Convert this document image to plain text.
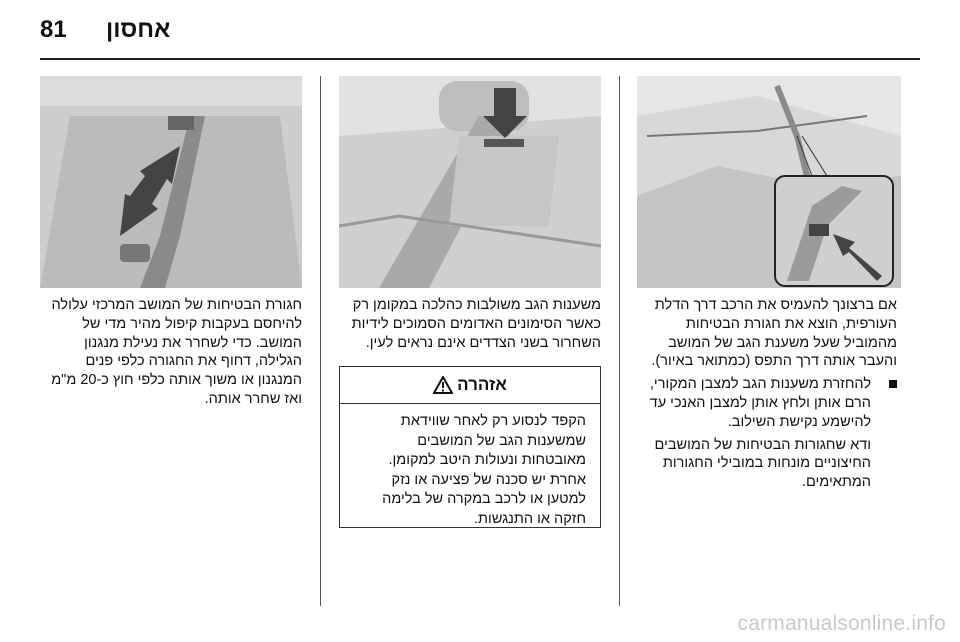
81 אחסון

אם ברצונך להעמיס את הרכב דרך הדלת העורפית, הוצא את חגורת הבטיחות מהמוביל שעל משענת הגב של המושב והעבר אותה דרך התפס (כמתואר באיור).

להחזרת משענות הגב למצבן המקורי, הרם אותן ולחץ אותן למצבן האנכי עד להישמע נקישת השילוב.

ודא שחגורות הבטיחות של המושבים החיצוניים מונחות במובילי החגורות המתאימים.

משענות הגב משולבות כהלכה במקומן רק כאשר הסימונים האדומים הסמוכים לידיות השחרור בשני הצדדים אינם נראים לעין.

אזהרה
הקפד לנסוע רק לאחר שווידאת שמשענות הגב של המושבים מאובטחות ונעולות היטב למקומן. אחרת יש סכנה של פציעה או נזק למטען או לרכב במקרה של בלימה חזקה או התנגשות.

חגורת הבטיחות של המושב המרכזי עלולה להיחסם בעקבות קיפול מהיר מדי של המושב. כדי לשחרר את נעילת מנגנון הגלילה, דחוף את החגורה כלפי פנים המנגנון או משוך אותה כלפי חוץ כ-20 מ"מ ואז שחרר אותה.

carmanualsonline.info
